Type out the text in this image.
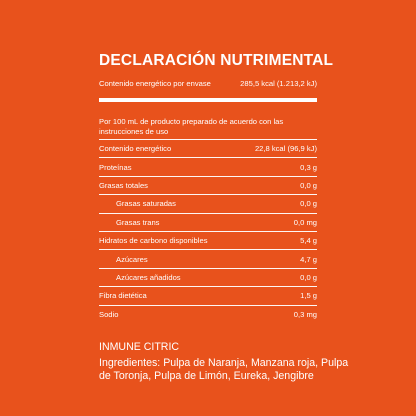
DECLARACIÓN NUTRIMENTAL
Contenido energético por envase	285,5 kcal (1.213,2 kJ)
Por 100 mL de producto preparado de acuerdo con las instrucciones de uso
Contenido energético	22,8 kcal (96,9 kJ)
Proteínas	0,3 g
Grasas totales	0,0 g
Grasas saturadas	0,0 g
Grasas trans	0,0 mg
Hidratos de carbono disponibles	5,4 g
Azúcares	4,7 g
Azúcares añadidos	0,0 g
Fibra dietética	1,5 g
Sodio	0,3 mg
INMUNE CITRIC
Ingredientes: Pulpa de Naranja, Manzana roja, Pulpa de Toronja, Pulpa de Limón, Eureka, Jengibre
